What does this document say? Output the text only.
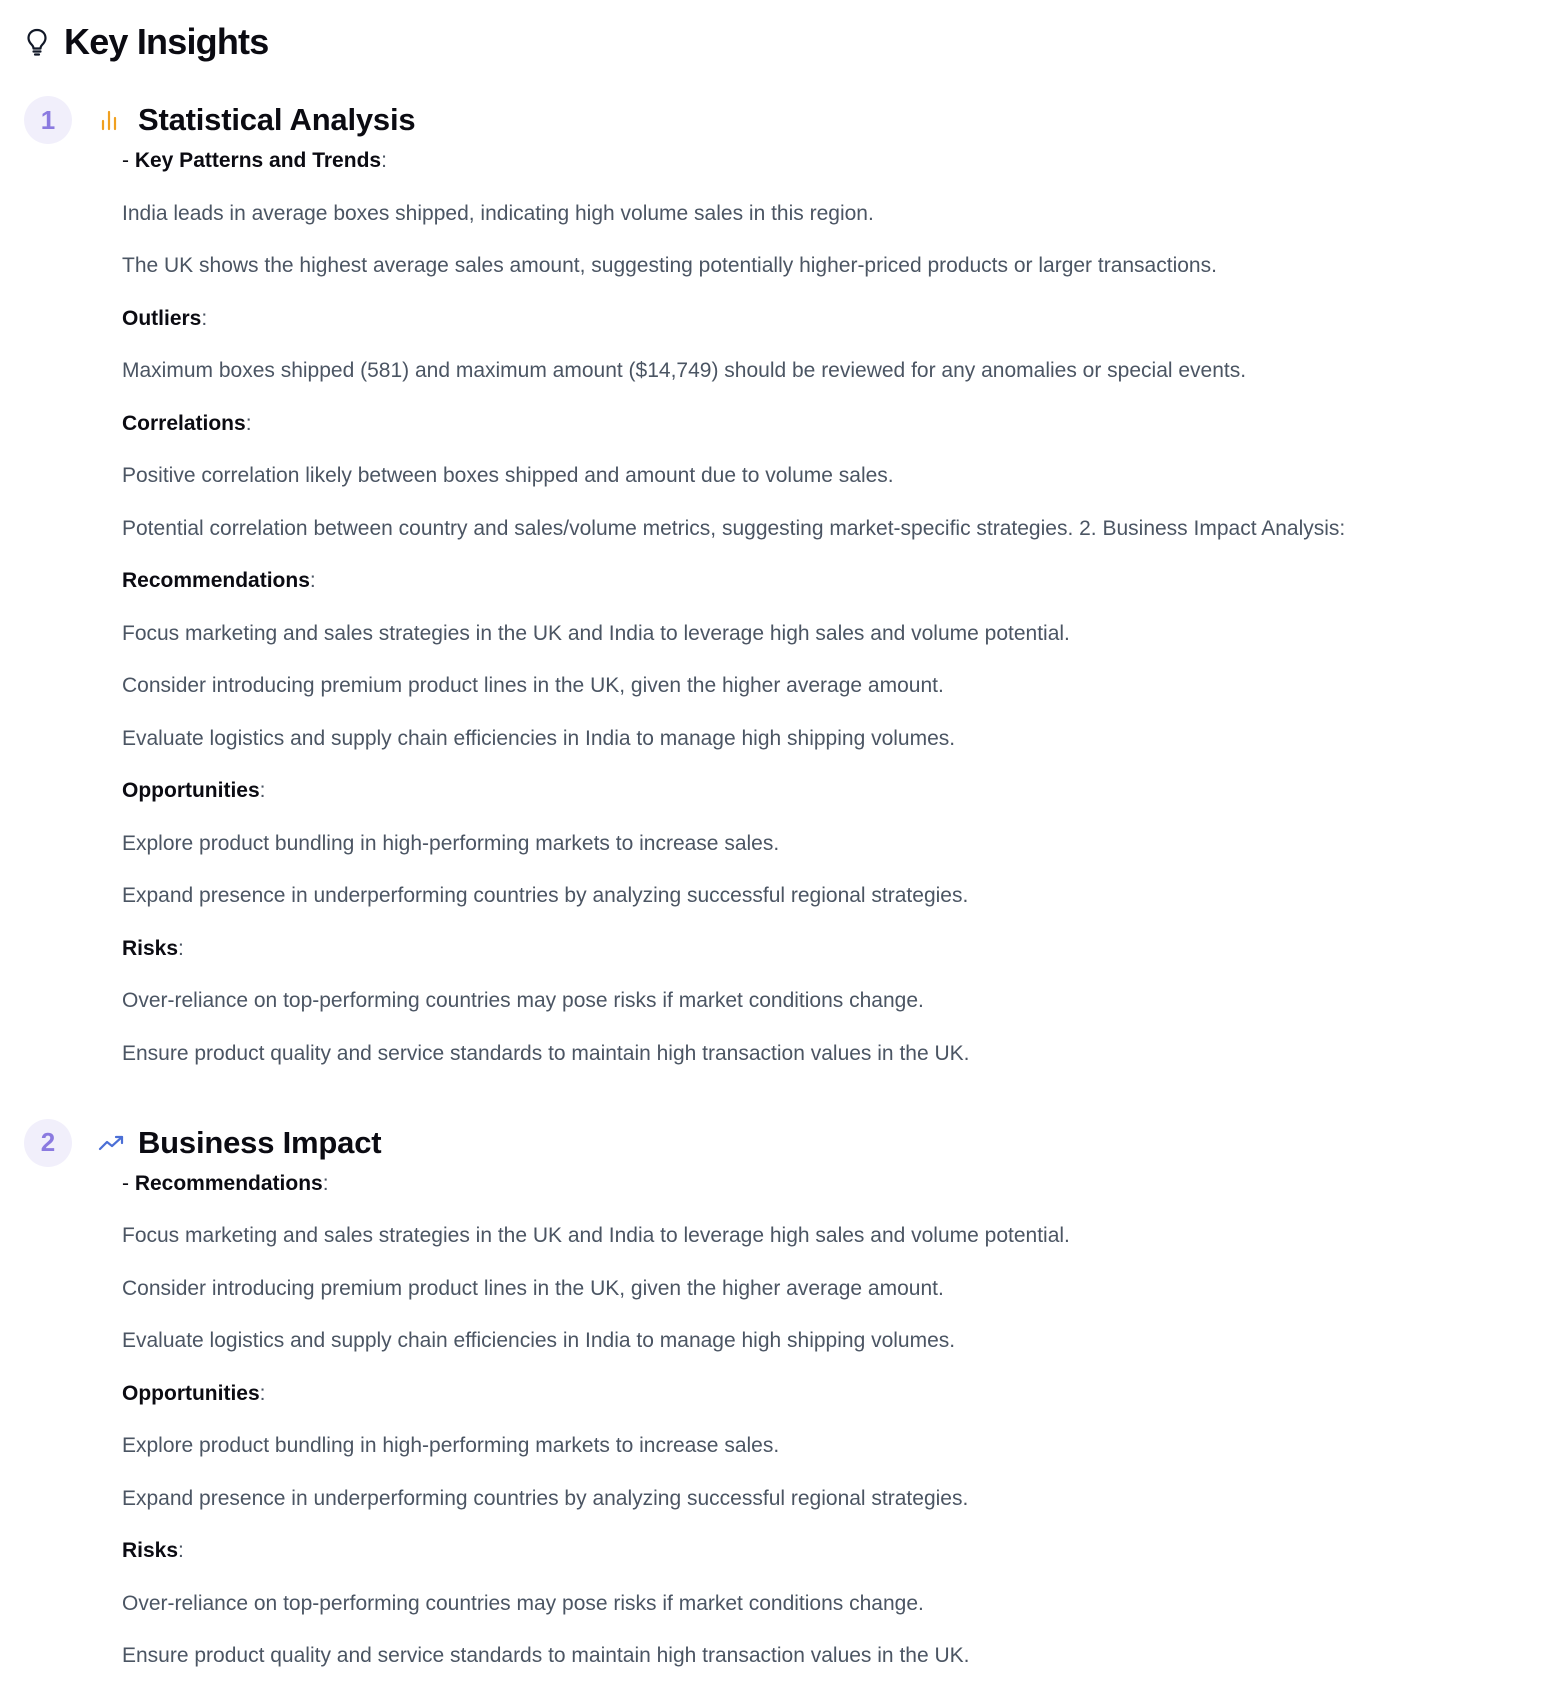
Key Insights
1	Statistical Analysis
- Key Patterns and Trends:
India leads in average boxes shipped, indicating high volume sales in this region.
The UK shows the highest average sales amount, suggesting potentially higher-priced products or larger transactions.
Outliers:
Maximum boxes shipped (581) and maximum amount ($14,749) should be reviewed for any anomalies or special events.
Correlations:
Positive correlation likely between boxes shipped and amount due to volume sales.
Potential correlation between country and sales/volume metrics, suggesting market-specific strategies. 2. Business Impact Analysis:
Recommendations:
Focus marketing and sales strategies in the UK and India to leverage high sales and volume potential.
Consider introducing premium product lines in the UK, given the higher average amount.
Evaluate logistics and supply chain efficiencies in India to manage high shipping volumes.
Opportunities:
Explore product bundling in high-performing markets to increase sales.
Expand presence in underperforming countries by analyzing successful regional strategies.
Risks:
Over-reliance on top-performing countries may pose risks if market conditions change.
Ensure product quality and service standards to maintain high transaction values in the UK.
2	Business Impact
- Recommendations:
Focus marketing and sales strategies in the UK and India to leverage high sales and volume potential.
Consider introducing premium product lines in the UK, given the higher average amount.
Evaluate logistics and supply chain efficiencies in India to manage high shipping volumes.
Opportunities:
Explore product bundling in high-performing markets to increase sales.
Expand presence in underperforming countries by analyzing successful regional strategies.
Risks:
Over-reliance on top-performing countries may pose risks if market conditions change.
Ensure product quality and service standards to maintain high transaction values in the UK.
